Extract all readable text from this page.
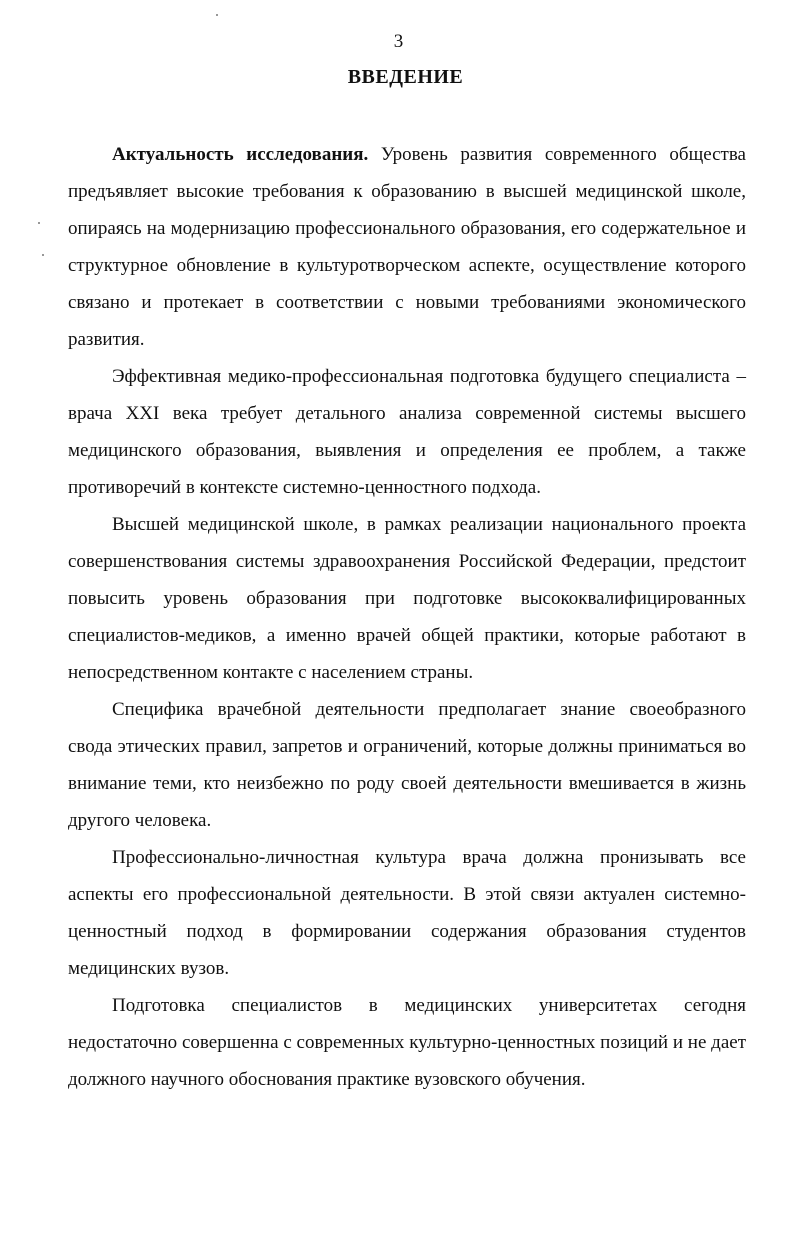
3
ВВЕДЕНИЕ

Актуальность исследования. Уровень развития современного общества предъявляет высокие требования к образованию в высшей медицинской школе, опираясь на модернизацию профессионального образования, его содержательное и структурное обновление в культуротворческом аспекте, осуществление которого связано и протекает в соответствии с новыми требованиями экономического развития.

Эффективная медико-профессиональная подготовка будущего специалиста – врача XXI века требует детального анализа современной системы высшего медицинского образования, выявления и определения ее проблем, а также противоречий в контексте системно-ценностного подхода.

Высшей медицинской школе, в рамках реализации национального проекта совершенствования системы здравоохранения Российской Федерации, предстоит повысить уровень образования при подготовке высококвалифицированных специалистов-медиков, а именно врачей общей практики, которые работают в непосредственном контакте с населением страны.

Специфика врачебной деятельности предполагает знание своеобразного свода этических правил, запретов и ограничений, которые должны приниматься во внимание теми, кто неизбежно по роду своей деятельности вмешивается в жизнь другого человека.

Профессионально-личностная культура врача должна пронизывать все аспекты его профессиональной деятельности. В этой связи актуален системно-ценностный подход в формировании содержания образования студентов медицинских вузов.

Подготовка специалистов в медицинских университетах сегодня недостаточно совершенна с современных культурно-ценностных позиций и не дает должного научного обоснования практике вузовского обучения.
